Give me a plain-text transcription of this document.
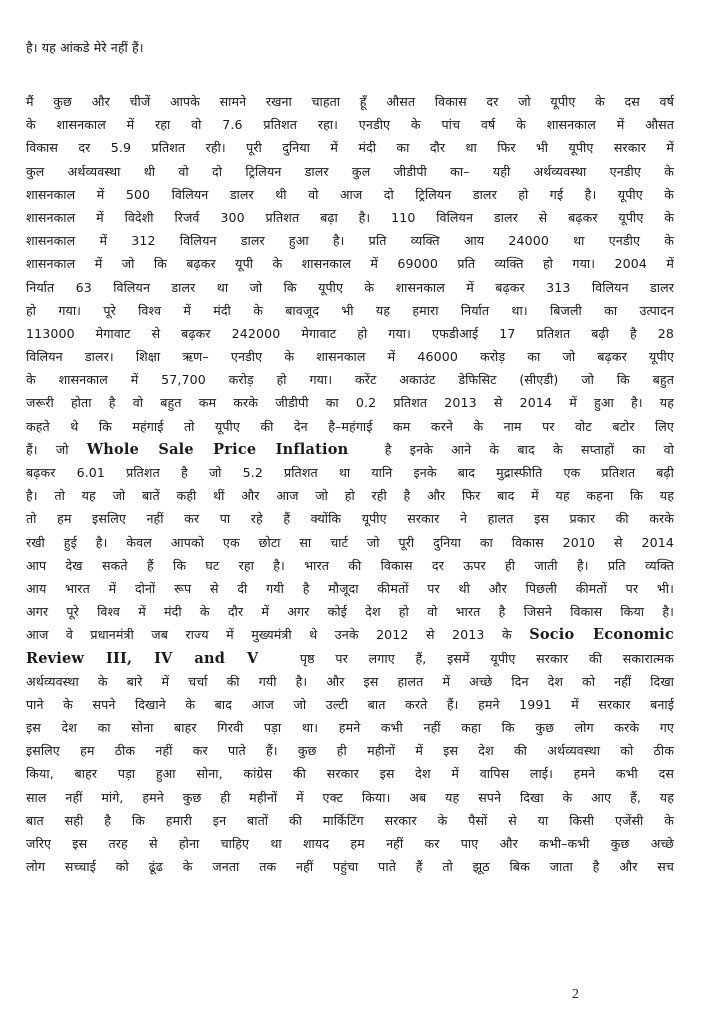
है। यह आंकडे मेरे नहीं हैं।
मैं कुछ और चीजें आपके सामने रखना चाहता हूँ औसत विकास दर जो यूपीए के दस वर्ष
के शासनकाल में रहा वो 7.6 प्रतिशत रहा। एनडीए के पांच वर्ष के शासनकाल में औसत
विकास दर 5.9 प्रतिशत रही। पूरी दुनिया में मंदी का दौर था फिर भी यूपीए सरकार में
कुल अर्थव्यवस्था थी वो दो ट्रिलियन डालर कुल जीडीपी का– यही अर्थव्यवस्था एनडीए के
शासनकाल में 500 विलियन डालर थी वो आज दो ट्रिलियन डालर हो गई है। यूपीए के
शासनकाल में विदेशी रिजर्व 300 प्रतिशत बढ़ा है। 110 विलियन डालर से बढ़कर यूपीए के
शासनकाल में 312 विलियन डालर हुआ है। प्रति व्यक्ति आय 24000 था एनडीए के
शासनकाल में जो कि बढ़कर यूपी के शासनकाल में 69000 प्रति व्यक्ति हो गया। 2004 में
निर्यात 63 विलियन डालर था जो कि यूपीए के शासनकाल में बढ़कर 313 विलियन डालर
हो गया। पूरे विश्व में मंदी के बावजूद भी यह हमारा निर्यात था। बिजली का उत्पादन
113000 मेगावाट से बढ़कर 242000 मेगावाट हो गया। एफडीआई 17 प्रतिशत बढ़ी है 28
विलियन डालर। शिक्षा ऋण– एनडीए के शासनकाल में 46000 करोड़ का जो बढ़कर यूपीए
के शासनकाल में 57,700 करोड़ हो गया। करेंट अकाउंट डेफिसिट (सीएडी) जो कि बहुत
जरूरी होता है वो बहुत कम करके जीडीपी का 0.2 प्रतिशत 2013 से 2014 में हुआ है। यह
कहते थे कि महंगाई तो यूपीए की देन है–महंगाई कम करने के नाम पर वोट बटोर लिए
हैं। जो Whole Sale Price Inflation  है इनके आने के बाद के सप्ताहों का वो
बढ़कर 6.01 प्रतिशत है जो 5.2 प्रतिशत था यानि इनके बाद मुद्रास्फीति एक प्रतिशत बढ़ी
है। तो यह जो बातें कही थीं और आज जो हो रही है और फिर बाद में यह कहना कि यह
तो हम इसलिए नहीं कर पा रहे हैं क्योंकि यूपीए सरकार ने हालत इस प्रकार की करके
रखी हुई है। केवल आपको एक छोटा सा चार्ट जो पूरी दुनिया का विकास 2010 से 2014
आप देख सकते हैं कि घट रहा है। भारत की विकास दर ऊपर ही जाती है। प्रति व्यक्ति
आय भारत में दोनों रूप से दी गयी है मौजूदा कीमतों पर थी और पिछली कीमतों पर भी।
अगर पूरे विश्व में मंदी के दौर में अगर कोई देश हो वो भारत है जिसने विकास किया है।
आज वे प्रधानमंत्री जब राज्य में मुख्यमंत्री थे उनके 2012 से 2013 के Socio Economic
Review III, IV and V  पृष्ठ पर लगाए हैं, इसमें यूपीए सरकार की सकारात्मक
अर्थव्यवस्था के बारे में चर्चा की गयी है। और इस हालत में अच्छे दिन देश को नहीं दिखा
पाने के सपने दिखाने के बाद आज जो उल्टी बात करते हैं। हमने 1991 में सरकार बनाई
इस देश का सोना बाहर गिरवी पड़ा था। हमने कभी नहीं कहा कि कुछ लोग करके गए
इसलिए हम ठीक नहीं कर पाते हैं। कुछ ही महीनों में इस देश की अर्थव्यवस्था को ठीक
किया, बाहर पड़ा हुआ सोना, कांग्रेस की सरकार इस देश में वापिस लाई। हमने कभी दस
साल नहीं मांगे, हमने कुछ ही महीनों में एक्ट किया। अब यह सपने दिखा के आए हैं, यह
बात सही है कि हमारी इन बातों की मार्किटिंग सरकार के पैसों से या किसी एजेंसी के
जरिए इस तरह से होना चाहिए था शायद हम नहीं कर पाए और कभी–कभी कुछ अच्छे
लोग सच्चाई को ढूंढ के जनता तक नहीं पहुंचा पाते हैं तो झूठ बिक जाता है और सच
2
